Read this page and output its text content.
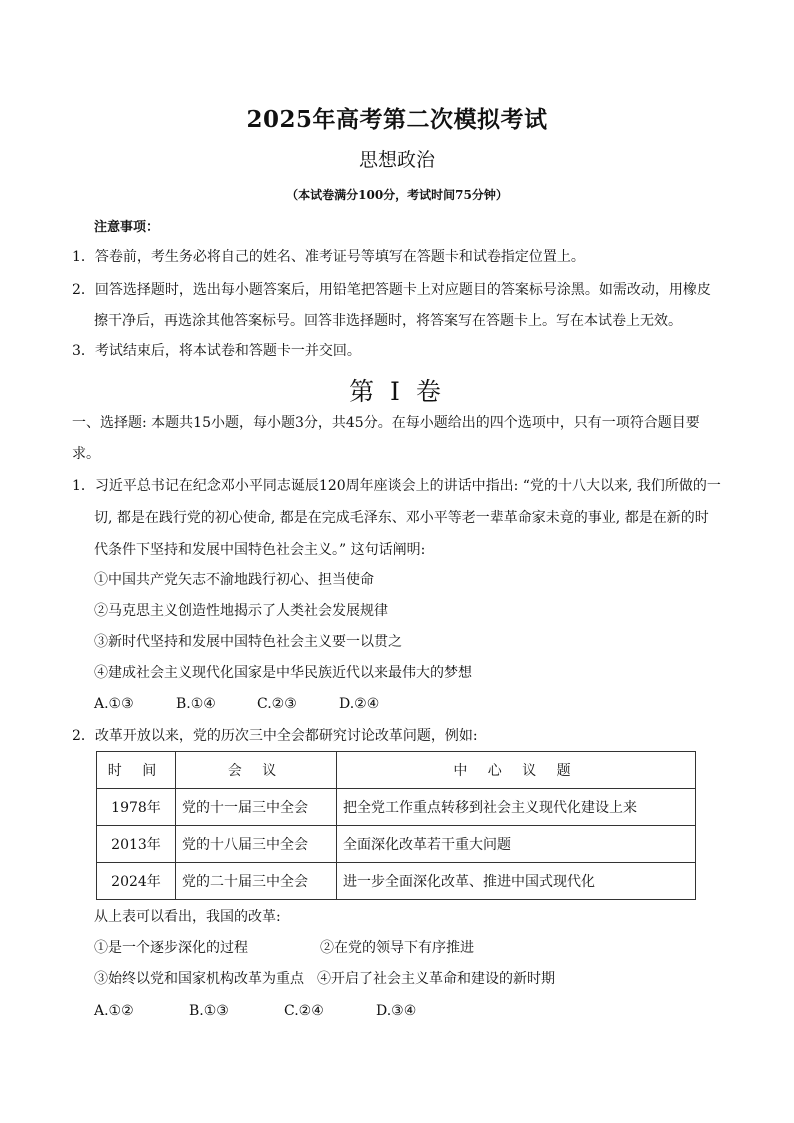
2025年高考第二次模拟考试
思想政治
（本试卷满分100分，考试时间75分钟）
注意事项：
1．答卷前，考生务必将自己的姓名、准考证号等填写在答题卡和试卷指定位置上。
2．回答选择题时，选出每小题答案后，用铅笔把答题卡上对应题目的答案标号涂黑。如需改动，用橡皮
擦干净后，再选涂其他答案标号。回答非选择题时，将答案写在答题卡上。写在本试卷上无效。
3．考试结束后，将本试卷和答题卡一并交回。
第 I 卷
一、选择题: 本题共15小题，每小题3分，共45分。在每小题给出的四个选项中，只有一项符合题目要
求。
1．习近平总书记在纪念邓小平同志诞辰120周年座谈会上的讲话中指出: “党的十八大以来, 我们所做的一
切, 都是在践行党的初心使命, 都是在完成毛泽东、邓小平等老一辈革命家未竟的事业, 都是在新的时
代条件下坚持和发展中国特色社会主义。” 这句话阐明:
①中国共产党矢志不渝地践行初心、担当使命
②马克思主义创造性地揭示了人类社会发展规律
③新时代坚持和发展中国特色社会主义要一以贯之
④建成社会主义现代化国家是中华民族近代以来最伟大的梦想
A.①③	B.①④	C.②③	D.②④
2．改革开放以来，党的历次三中全会都研究讨论改革问题，例如:
时 间	会 议	中 心 议 题
1978年	党的十一届三中全会	把全党工作重点转移到社会主义现代化建设上来
2013年	党的十八届三中全会	全面深化改革若干重大问题
2024年	党的二十届三中全会	进一步全面深化改革、推进中国式现代化
从上表可以看出，我国的改革:
①是一个逐步深化的过程	②在党的领导下有序推进
③始终以党和国家机构改革为重点 ④开启了社会主义革命和建设的新时期
A.①②	B.①③	C.②④	D.③④
